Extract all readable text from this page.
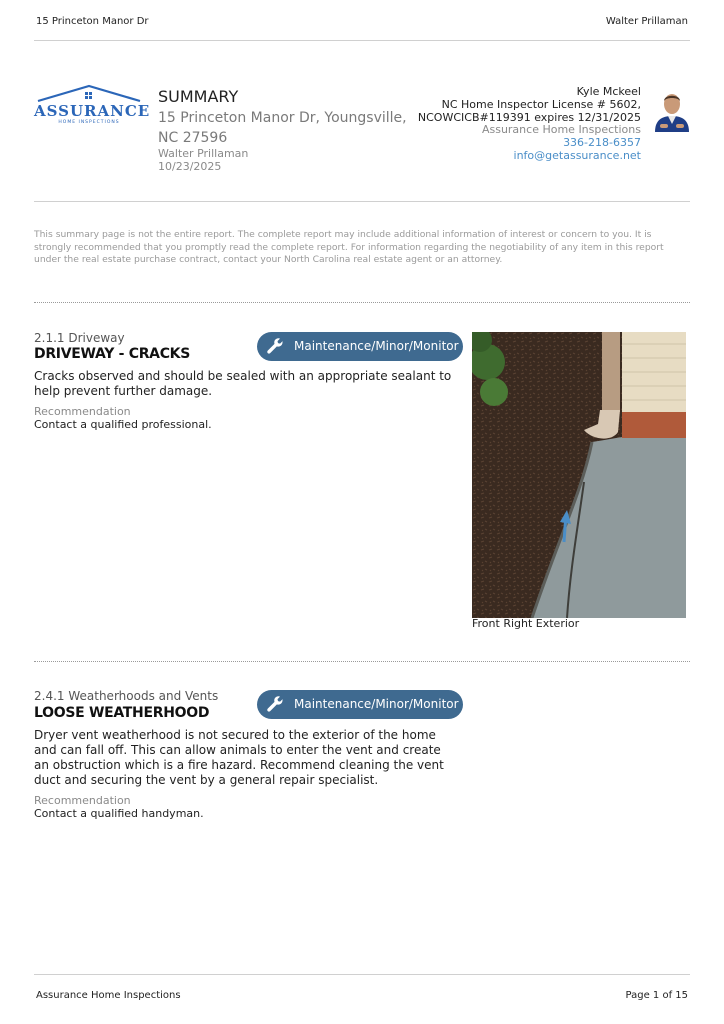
15 Princeton Manor Dr	Walter Prillaman
ASSURANCE
HOME INSPECTIONS
SUMMARY
15 Princeton Manor Dr, Youngsville, NC 27596
Walter Prillaman
10/23/2025
Kyle Mckeel
NC Home Inspector License # 5602,
NCOWCICB#119391 expires 12/31/2025
Assurance Home Inspections
336-218-6357
info@getassurance.net
This summary page is not the entire report. The complete report may include additional information of interest or concern to you. It is strongly recommended that you promptly read the complete report. For information regarding the negotiability of any item in this report under the real estate purchase contract, contact your North Carolina real estate agent or an attorney.
2.1.1 Driveway
DRIVEWAY - CRACKS	Maintenance/Minor/Monitor
Cracks observed and should be sealed with an appropriate sealant to help prevent further damage.
Recommendation
Contact a qualified professional.
Front Right Exterior
2.4.1 Weatherhoods and Vents
LOOSE WEATHERHOOD
Maintenance/Minor/Monitor
Dryer vent weatherhood is not secured to the exterior of the home and can fall off. This can allow animals to enter the vent and create an obstruction which is a fire hazard. Recommend cleaning the vent duct and securing the vent by a general repair specialist.
Recommendation
Contact a qualified handyman.
Assurance Home Inspections	Page 1 of 15
